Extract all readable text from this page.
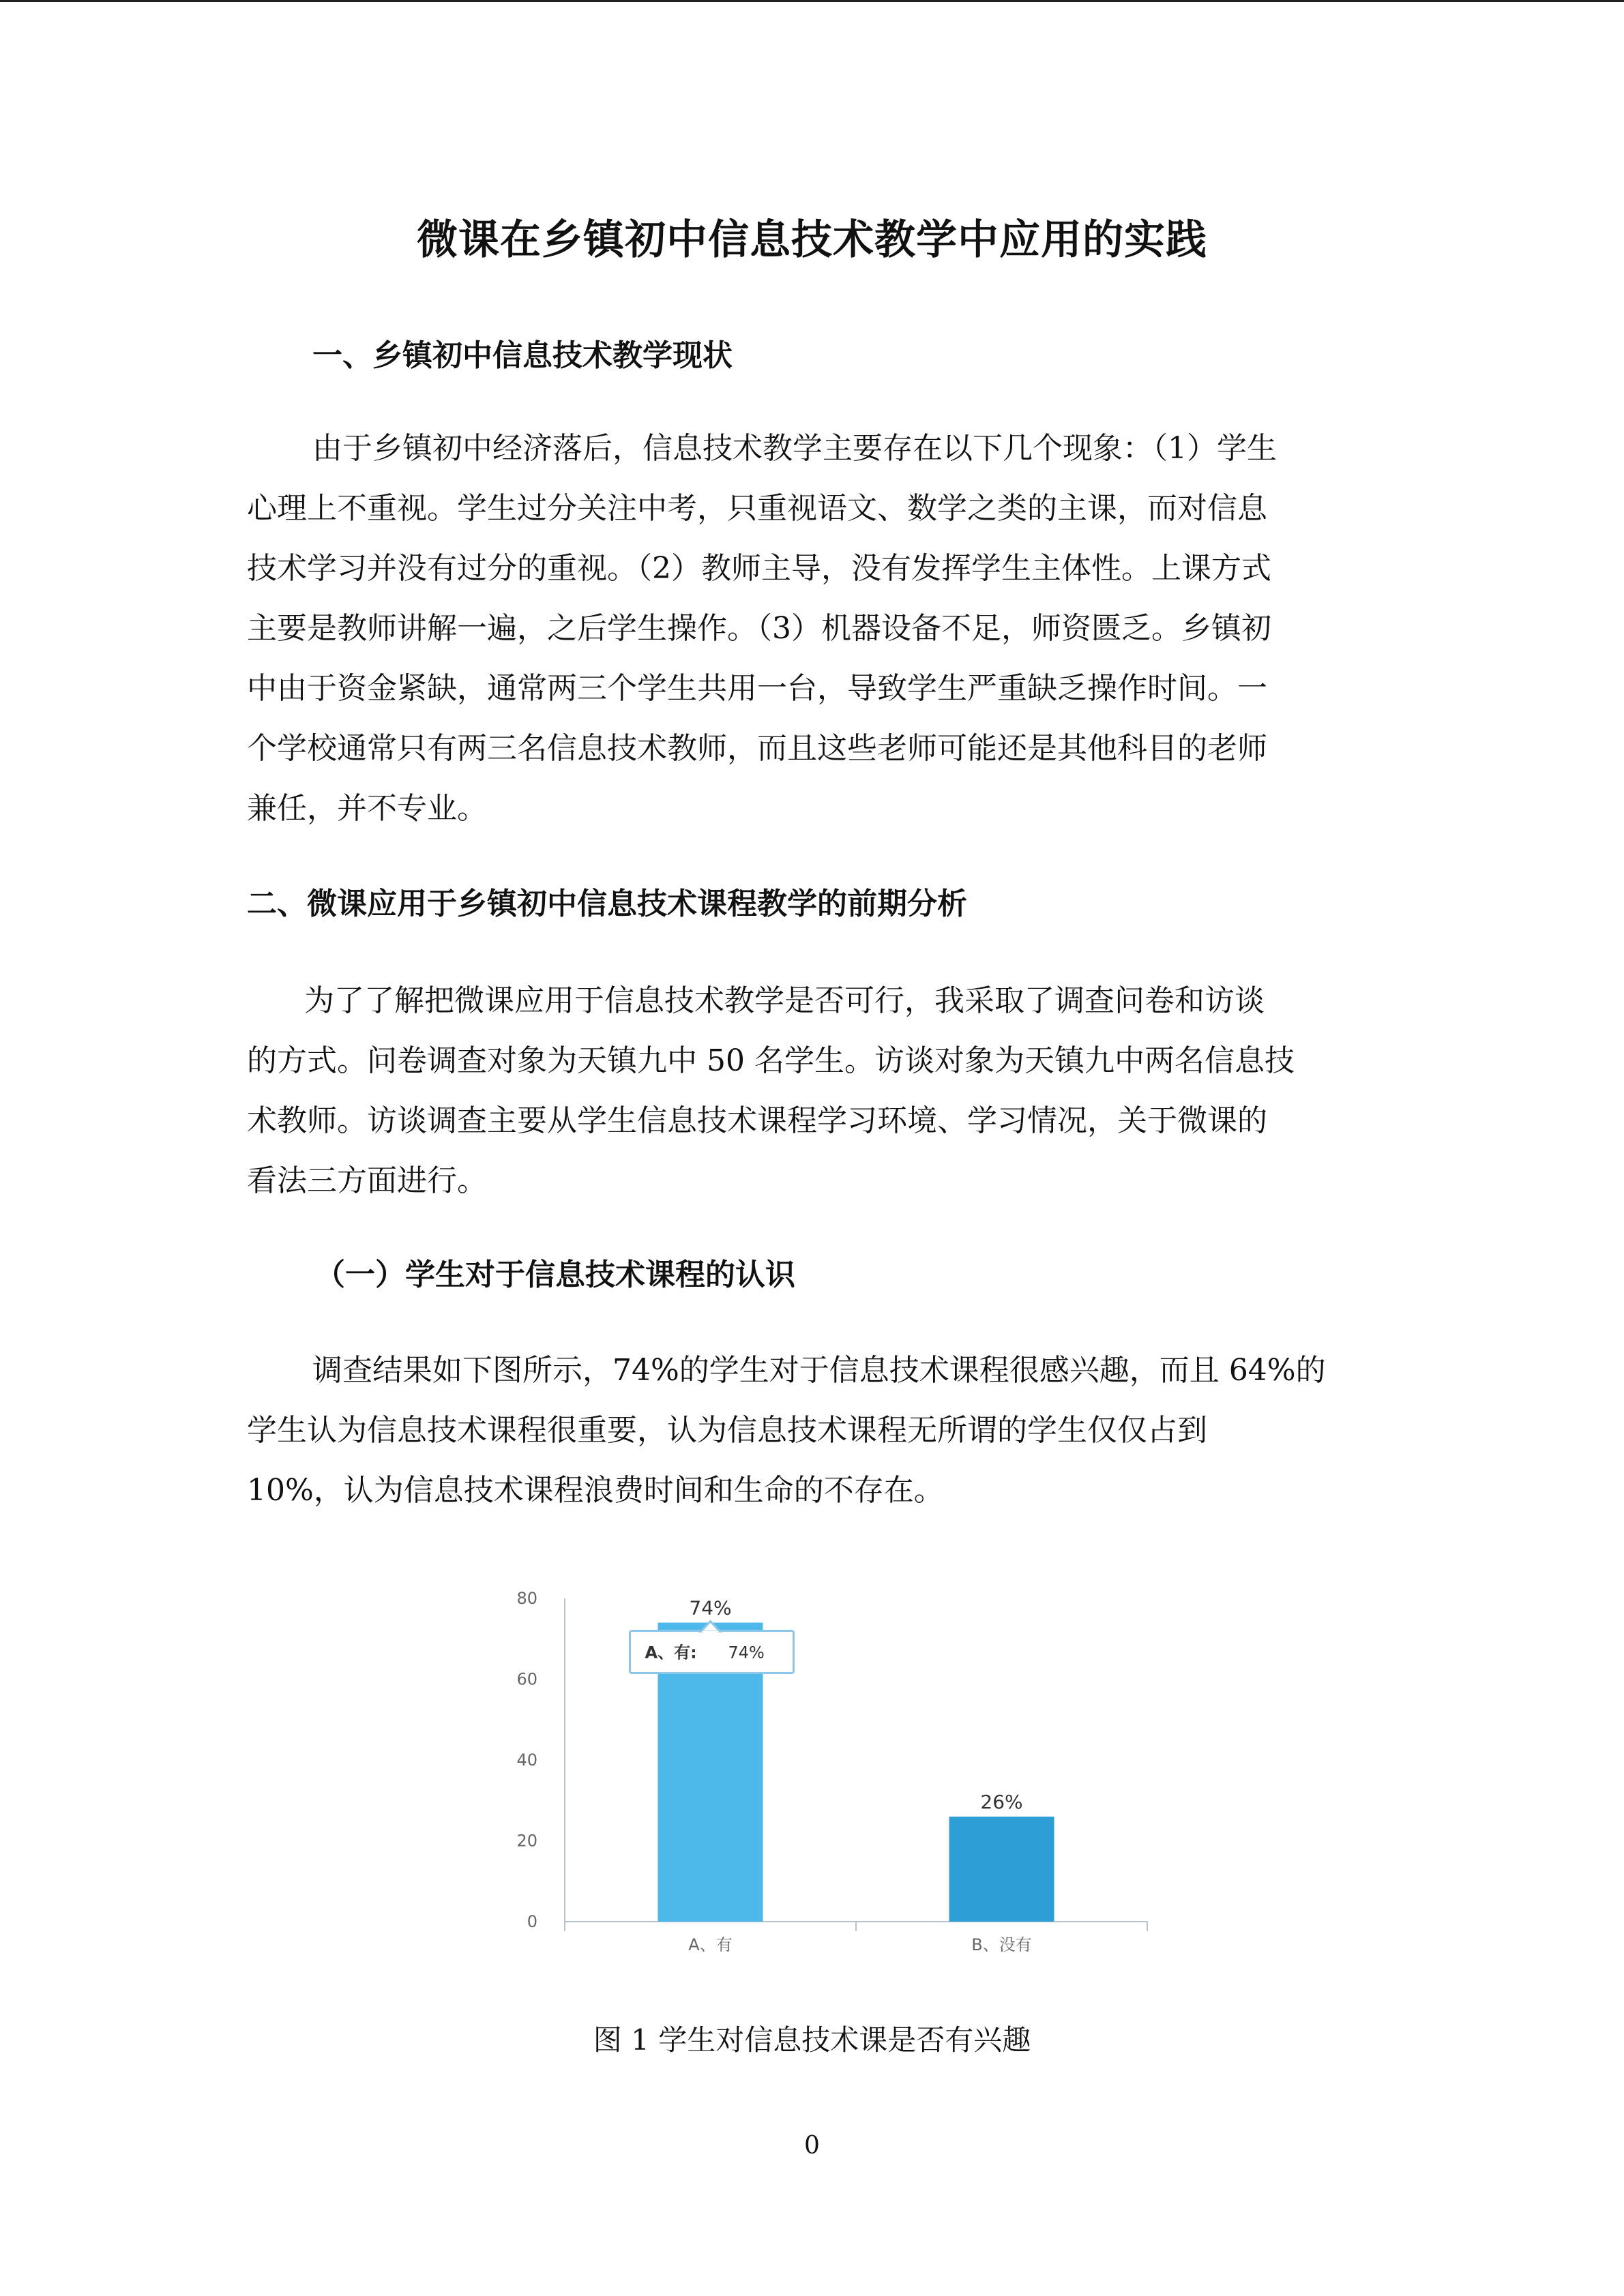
微课在乡镇初中信息技术教学中应用的实践
一、乡镇初中信息技术教学现状
由于乡镇初中经济落后，信息技术教学主要存在以下几个现象：（1）学生
心理上不重视。学生过分关注中考，只重视语文、数学之类的主课，而对信息
技术学习并没有过分的重视。（2）教师主导，没有发挥学生主体性。上课方式
主要是教师讲解一遍，之后学生操作。（3）机器设备不足，师资匮乏。乡镇初
中由于资金紧缺，通常两三个学生共用一台，导致学生严重缺乏操作时间。一
个学校通常只有两三名信息技术教师，而且这些老师可能还是其他科目的老师
兼任，并不专业。
二、微课应用于乡镇初中信息技术课程教学的前期分析
为了了解把微课应用于信息技术教学是否可行，我采取了调查问卷和访谈
的方式。问卷调查对象为天镇九中 50 名学生。访谈对象为天镇九中两名信息技
术教师。访谈调查主要从学生信息技术课程学习环境、学习情况，关于微课的
看法三方面进行。
（一）学生对于信息技术课程的认识
调查结果如下图所示，74%的学生对于信息技术课程很感兴趣，而且 64%的
学生认为信息技术课程很重要，认为信息技术课程无所谓的学生仅仅占到
10%，认为信息技术课程浪费时间和生命的不存在。
0
20
40
60
80	74%
A、有
26%
B、没有
A、有: 74%
图 1 学生对信息技术课是否有兴趣
0
